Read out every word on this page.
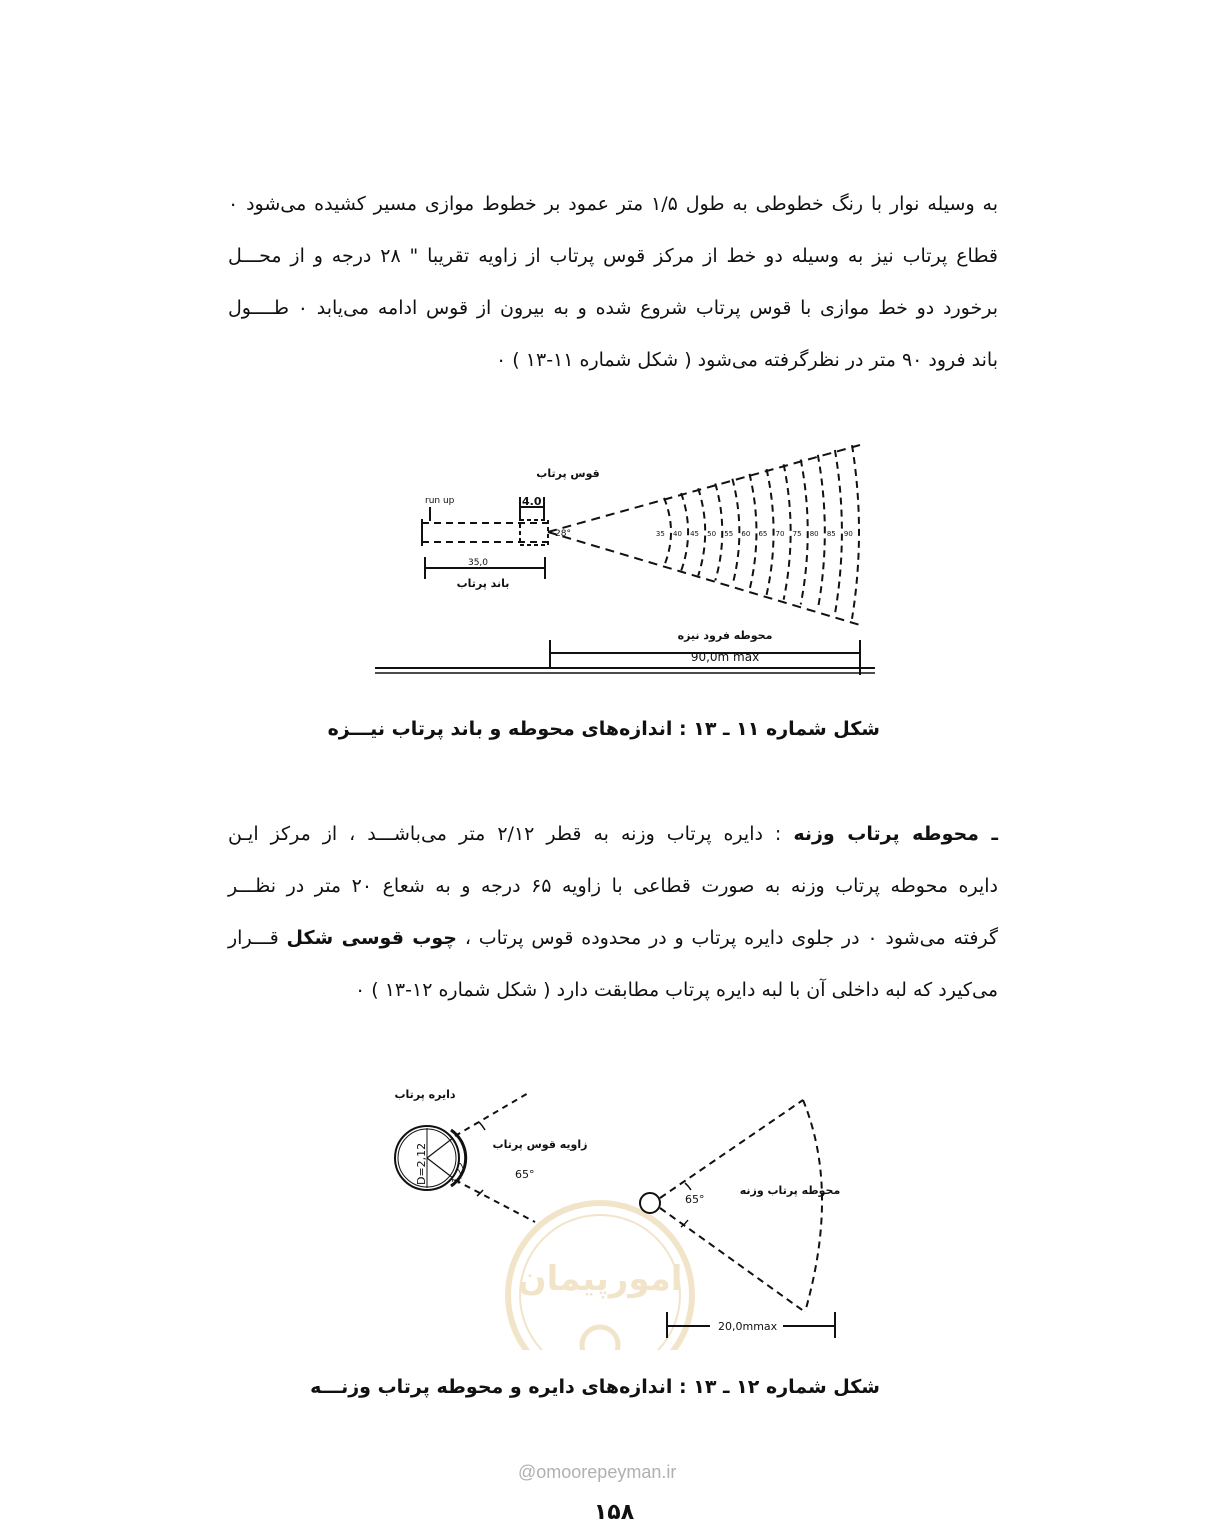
به وسیله نوار با رنگ خطوطی به طول ۱/۵ متر عمود بر خطوط موازی مسیر کشیده می‌شود ۰

قطاع پرتاب نیز به وسیله دو خط از مرکز قوس پرتاب از زاویه تقریبا " ۲۸ درجه و از محـــل

برخورد دو خط موازی با قوس پرتاب شروع شده و به بیرون از قوس ادامه می‌یابد ۰ طــــول

باند فرود ۹۰ متر در نظرگرفته می‌شود ( شکل شماره ۱۱-۱۳ ) ۰

قوس پرتاب
run up	4.0
28°
35,0
باند پرتاب
35 40 45 50 55 60 65 70 75 80 85 90
محوطه فرود نیزه
90,0m max
شکل شماره ۱۱ ـ ۱۳ : اندازه‌های محوطه و باند پرتاب نیـــزه

ـ محوطه پرتاب وزنه : دایره پرتاب وزنه به قطر ۲/۱۲ متر می‌باشـــد ، از مرکز ایـن

دایره محوطه پرتاب وزنه به صورت قطاعی با زاویه ۶۵ درجه و به شعاع ۲۰ متر در نظـــر

گرفته می‌شود ۰ در جلوی دایره پرتاب و در محدوده قوس پرتاب ، چوب قوسی شکل قـــرار

می‌کیرد که لبه داخلی آن با لبه دایره پرتاب مطابقت دارد ( شکل شماره ۱۲-۱۳ ) ۰

امورپیمان
دایره پرتاب
D=2,12 1,22
زاویه قوس پرتاب
65°
65°
محوطه پرتاب وزنه
20,0mmax
شکل شماره ۱۲ ـ ۱۳ : اندازه‌های دایره و محوطه پرتاب وزنـــه
@omoorepeyman.ir
۱۵۸
